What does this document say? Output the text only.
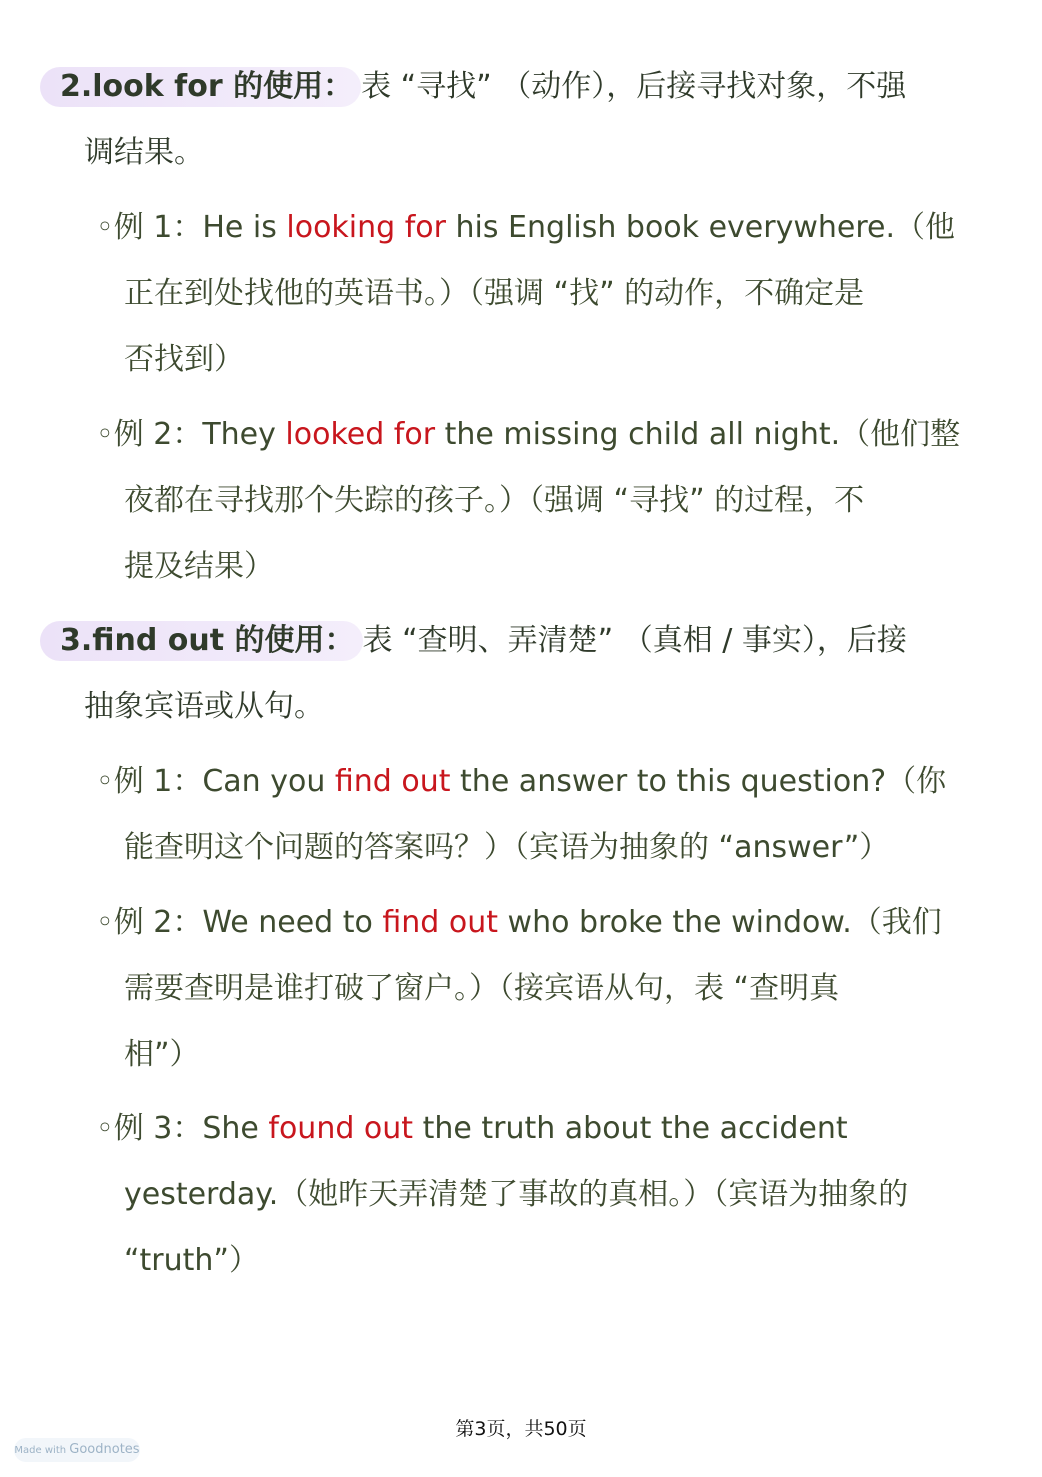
2.look for 的使用： 表 “寻找” （动作），后接寻找对象，不强
调结果。
◦例 1：He is looking for his English book everywhere.（他
正在到处找他的英语书。）（强调 “找” 的动作，不确定是
否找到）
◦例 2：They looked for the missing child all night.（他们整
夜都在寻找那个失踪的孩子。）（强调 “寻找” 的过程，不
提及结果）
3.find out 的使用： 表 “查明、弄清楚” （真相 / 事实），后接
抽象宾语或从句。
◦例 1：Can you find out the answer to this question?（你
能查明这个问题的答案吗？）（宾语为抽象的 “answer”）
◦例 2：We need to find out who broke the window.（我们
需要查明是谁打破了窗户。）（接宾语从句，表 “查明真
相”）
◦例 3：She found out the truth about the accident
yesterday.（她昨天弄清楚了事故的真相。）（宾语为抽象的
“truth”）
第3页，共50页
Made with Goodnotes
